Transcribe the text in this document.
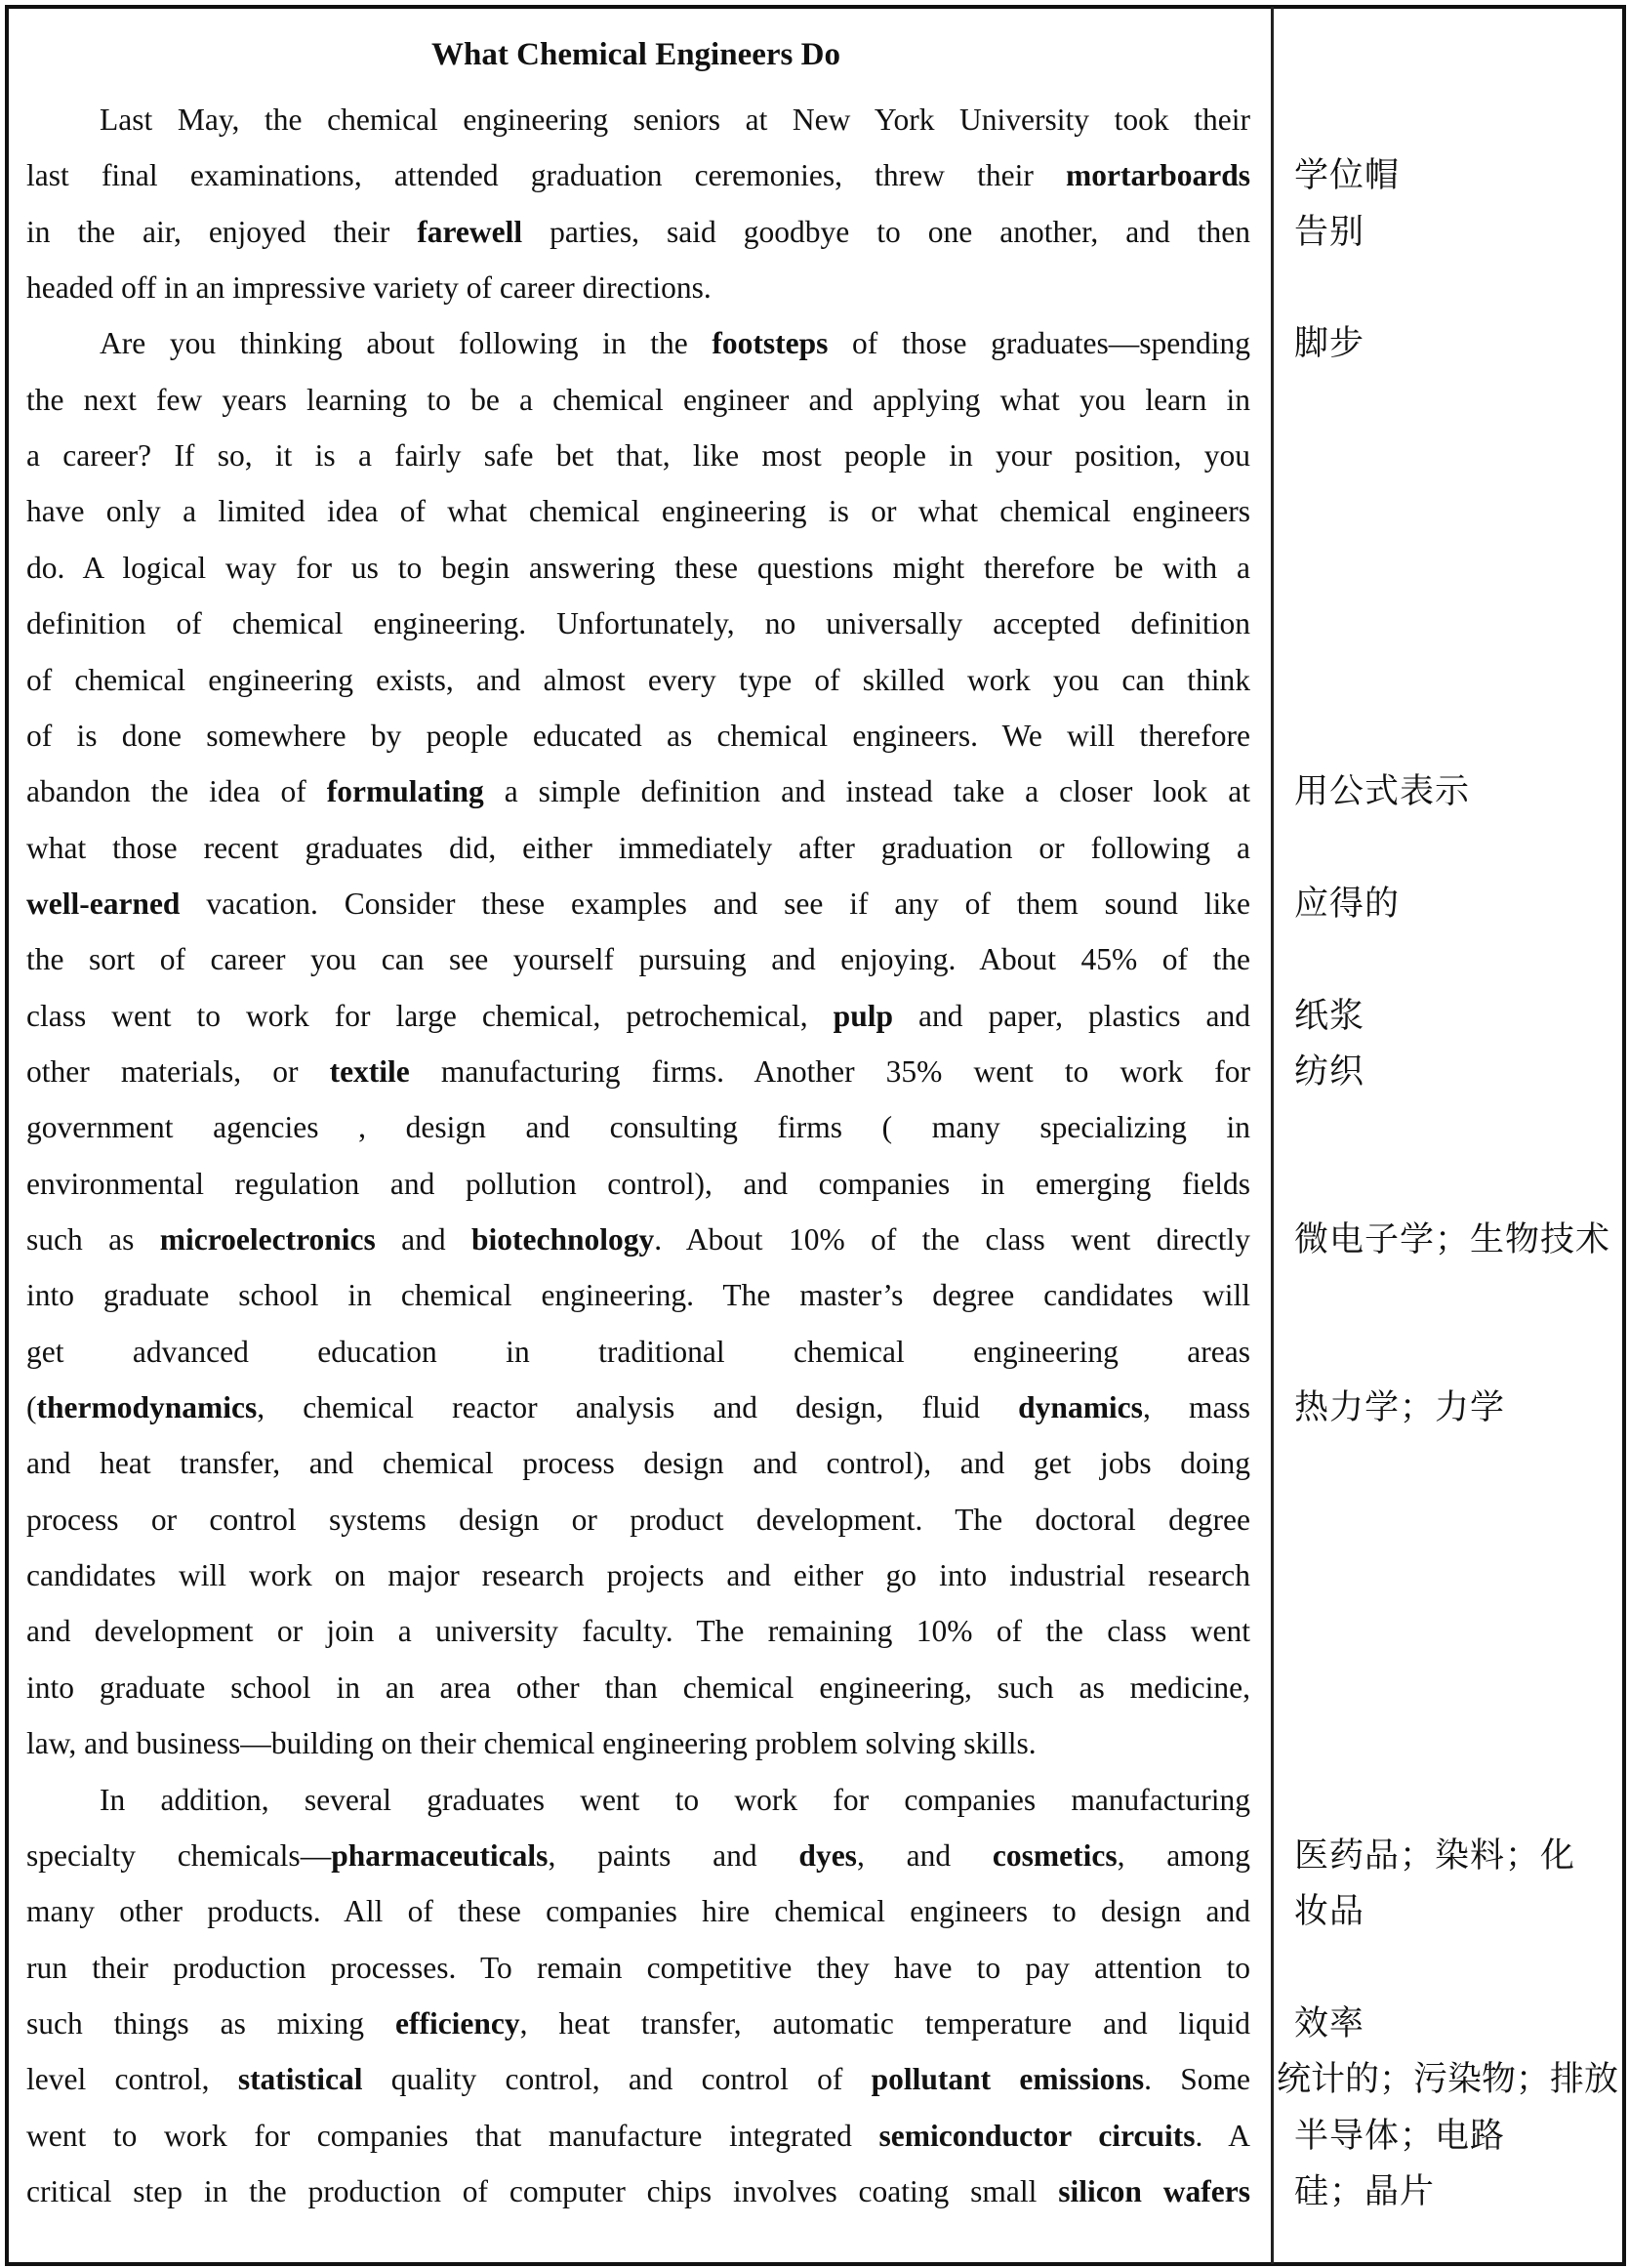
What Chemical Engineers Do
Last May, the chemical engineering seniors at New York University took their
last final examinations, attended graduation ceremonies, threw their mortarboards
in the air, enjoyed their farewell parties, said goodbye to one another, and then
headed off in an impressive variety of career directions.
Are you thinking about following in the footsteps of those graduates—spending
the next few years learning to be a chemical engineer and applying what you learn in
a career? If so, it is a fairly safe bet that, like most people in your position, you
have only a limited idea of what chemical engineering is or what chemical engineers
do. A logical way for us to begin answering these questions might therefore be with a
definition of chemical engineering. Unfortunately, no universally accepted definition
of chemical engineering exists, and almost every type of skilled work you can think
of is done somewhere by people educated as chemical engineers. We will therefore
abandon the idea of formulating a simple definition and instead take a closer look at
what those recent graduates did, either immediately after graduation or following a
well-earned vacation. Consider these examples and see if any of them sound like
the sort of career you can see yourself pursuing and enjoying. About 45% of the
class went to work for large chemical, petrochemical, pulp and paper, plastics and
other materials, or textile manufacturing firms. Another 35% went to work for
government agencies , design and consulting firms ( many specializing in
environmental regulation and pollution control), and companies in emerging fields
such as microelectronics and biotechnology. About 10% of the class went directly
into graduate school in chemical engineering. The master’s degree candidates will
get advanced education in traditional chemical engineering areas
(thermodynamics, chemical reactor analysis and design, fluid dynamics, mass
and heat transfer, and chemical process design and control), and get jobs doing
process or control systems design or product development. The doctoral degree
candidates will work on major research projects and either go into industrial research
and development or join a university faculty. The remaining 10% of the class went
into graduate school in an area other than chemical engineering, such as medicine,
law, and business—building on their chemical engineering problem solving skills.
In addition, several graduates went to work for companies manufacturing
specialty chemicals—pharmaceuticals, paints and dyes, and cosmetics, among
many other products. All of these companies hire chemical engineers to design and
run their production processes. To remain competitive they have to pay attention to
such things as mixing efficiency, heat transfer, automatic temperature and liquid
level control, statistical quality control, and control of pollutant emissions. Some
went to work for companies that manufacture integrated semiconductor circuits. A
critical step in the production of computer chips involves coating small silicon wafers
学位帽
告别
脚步
用公式表示
应得的
纸浆
纺织
微电子学；生物技术
热力学；力学
医药品；染料；化
妆品
效率
统计的；污染物；排放
半导体；电路
硅；晶片
